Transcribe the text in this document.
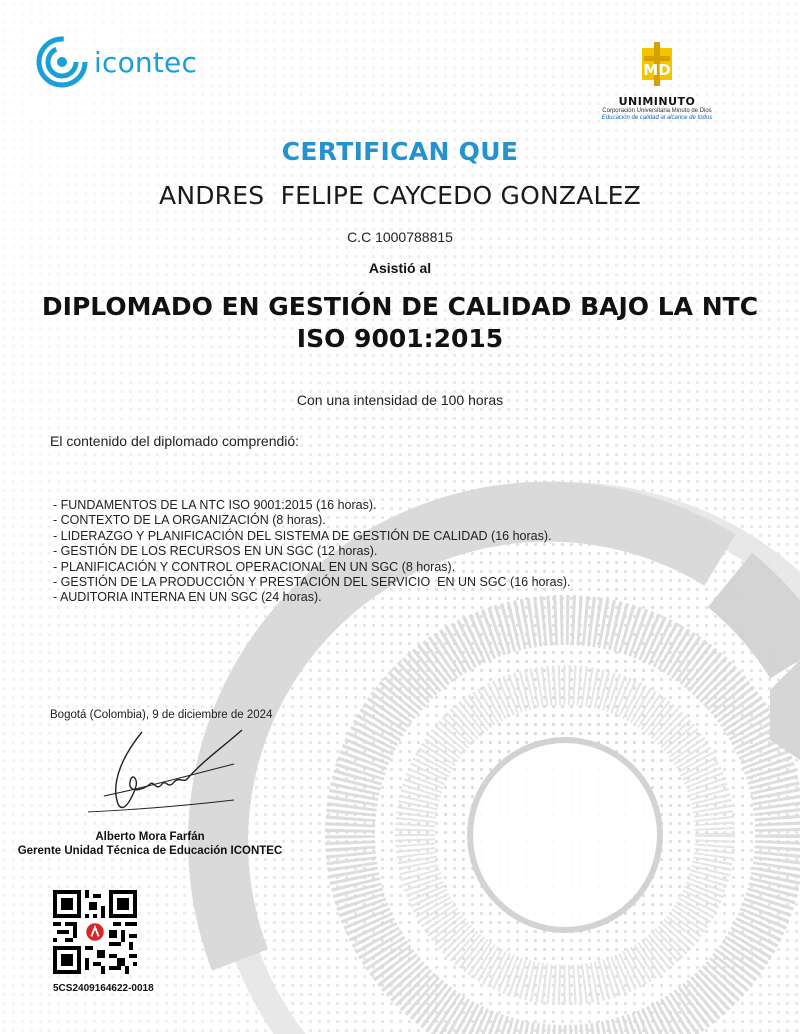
icontec	MD
UNIMINUTO
Corporación Universitaria Minuto de Dios
Educación de calidad al alcance de todos
CERTIFICAN QUE
ANDRES  FELIPE CAYCEDO GONZALEZ
C.C 1000788815
Asistió al
DIPLOMADO EN GESTIÓN DE CALIDAD BAJO LA NTC
ISO 9001:2015
Con una intensidad de 100 horas
El contenido del diplomado comprendió:
- FUNDAMENTOS DE LA NTC ISO 9001:2015 (16 horas).
- CONTEXTO DE LA ORGANIZACIÓN (8 horas).
- LIDERAZGO Y PLANIFICACIÓN DEL SISTEMA DE GESTIÓN DE CALIDAD (16 horas).
- GESTIÓN DE LOS RECURSOS EN UN SGC (12 horas).
- PLANIFICACIÓN Y CONTROL OPERACIONAL EN UN SGC (8 horas).
- GESTIÓN DE LA PRODUCCIÓN Y PRESTACIÓN DEL SERVICIO  EN UN SGC (16 horas).
- AUDITORIA INTERNA EN UN SGC (24 horas).
Bogotá (Colombia), 9 de diciembre de 2024
Alberto Mora Farfán
Gerente Unidad Técnica de Educación ICONTEC
5CS2409164622-0018
